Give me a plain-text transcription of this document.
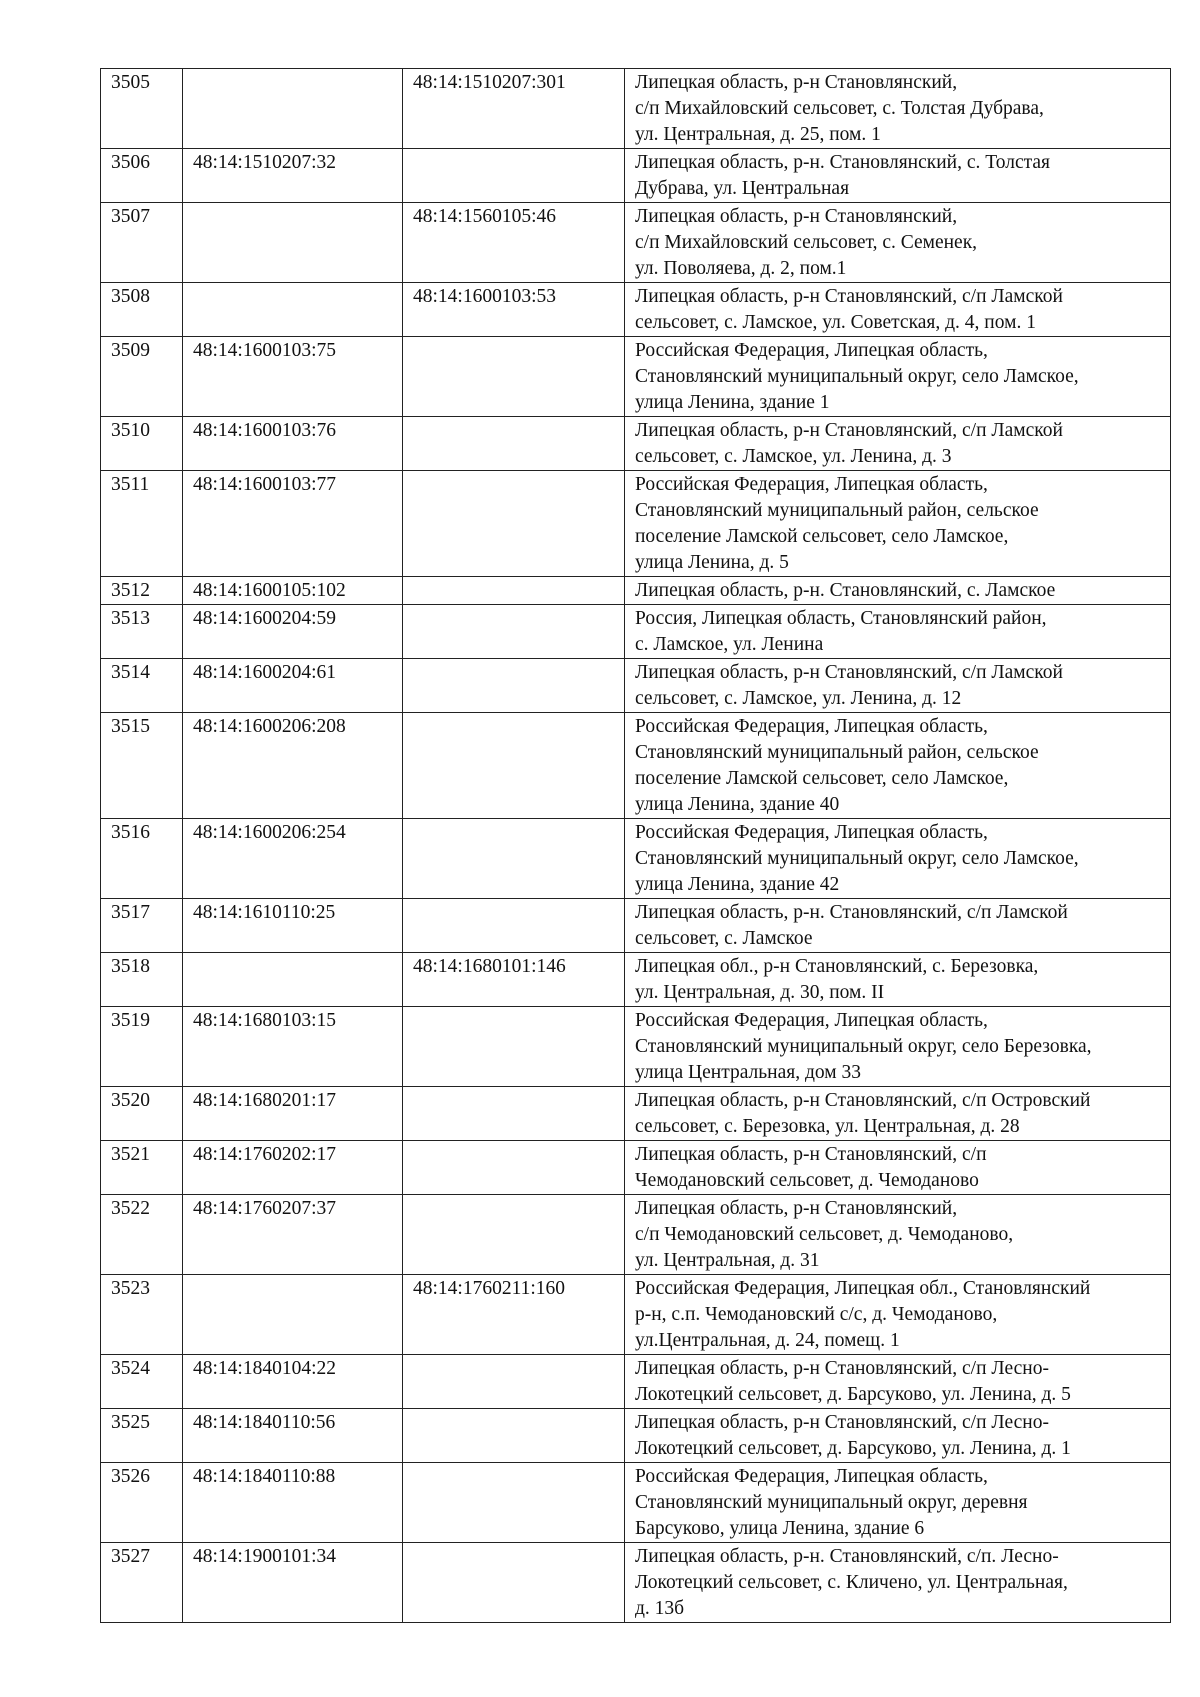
3505		48:14:1510207:301	Липецкая область, р-н Становлянский,
с/п Михайловский сельсовет, с. Толстая Дубрава,
ул. Центральная, д. 25, пом. 1
3506	48:14:1510207:32		Липецкая область, р-н. Становлянский, с. Толстая
Дубрава, ул. Центральная
3507		48:14:1560105:46	Липецкая область, р-н Становлянский,
с/п Михайловский сельсовет, с. Семенек,
ул. Поволяева, д. 2, пом.1
3508		48:14:1600103:53	Липецкая область, р-н Становлянский, с/п Ламской
сельсовет, с. Ламское, ул. Советская, д. 4, пом. 1
3509	48:14:1600103:75		Российская Федерация, Липецкая область,
Становлянский муниципальный округ, село Ламское,
улица Ленина, здание 1
3510	48:14:1600103:76		Липецкая область, р-н Становлянский, с/п Ламской
сельсовет, с. Ламское, ул. Ленина, д. 3
3511	48:14:1600103:77		Российская Федерация, Липецкая область,
Становлянский муниципальный район, сельское
поселение Ламской сельсовет, село Ламское,
улица Ленина, д. 5
3512	48:14:1600105:102		Липецкая область, р-н. Становлянский, с. Ламское
3513	48:14:1600204:59		Россия, Липецкая область, Становлянский район,
с. Ламское, ул. Ленина
3514	48:14:1600204:61		Липецкая область, р-н Становлянский, с/п Ламской
сельсовет, с. Ламское, ул. Ленина, д. 12
3515	48:14:1600206:208		Российская Федерация, Липецкая область,
Становлянский муниципальный район, сельское
поселение Ламской сельсовет, село Ламское,
улица Ленина, здание 40
3516	48:14:1600206:254		Российская Федерация, Липецкая область,
Становлянский муниципальный округ, село Ламское,
улица Ленина, здание 42
3517	48:14:1610110:25		Липецкая область, р-н. Становлянский, с/п Ламской
сельсовет, с. Ламское
3518		48:14:1680101:146	Липецкая обл., р-н Становлянский, с. Березовка,
ул. Центральная, д. 30, пом. II
3519	48:14:1680103:15		Российская Федерация, Липецкая область,
Становлянский муниципальный округ, село Березовка,
улица Центральная, дом 33
3520	48:14:1680201:17		Липецкая область, р-н Становлянский, с/п Островский
сельсовет, с. Березовка, ул. Центральная, д. 28
3521	48:14:1760202:17		Липецкая область, р-н Становлянский, с/п
Чемодановский сельсовет, д. Чемоданово
3522	48:14:1760207:37		Липецкая область, р-н Становлянский,
с/п Чемодановский сельсовет, д. Чемоданово,
ул. Центральная, д. 31
3523		48:14:1760211:160	Российская Федерация, Липецкая обл., Становлянский
р-н, с.п. Чемодановский с/с, д. Чемоданово,
ул.Центральная, д. 24, помещ. 1
3524	48:14:1840104:22		Липецкая область, р-н Становлянский, с/п Лесно-
Локотецкий сельсовет, д. Барсуково, ул. Ленина, д. 5
3525	48:14:1840110:56		Липецкая область, р-н Становлянский, с/п Лесно-
Локотецкий сельсовет, д. Барсуково, ул. Ленина, д. 1
3526	48:14:1840110:88		Российская Федерация, Липецкая область,
Становлянский муниципальный округ, деревня
Барсуково, улица Ленина, здание 6
3527	48:14:1900101:34		Липецкая область, р-н. Становлянский, с/п. Лесно-
Локотецкий сельсовет, с. Кличено, ул. Центральная,
д. 13б
